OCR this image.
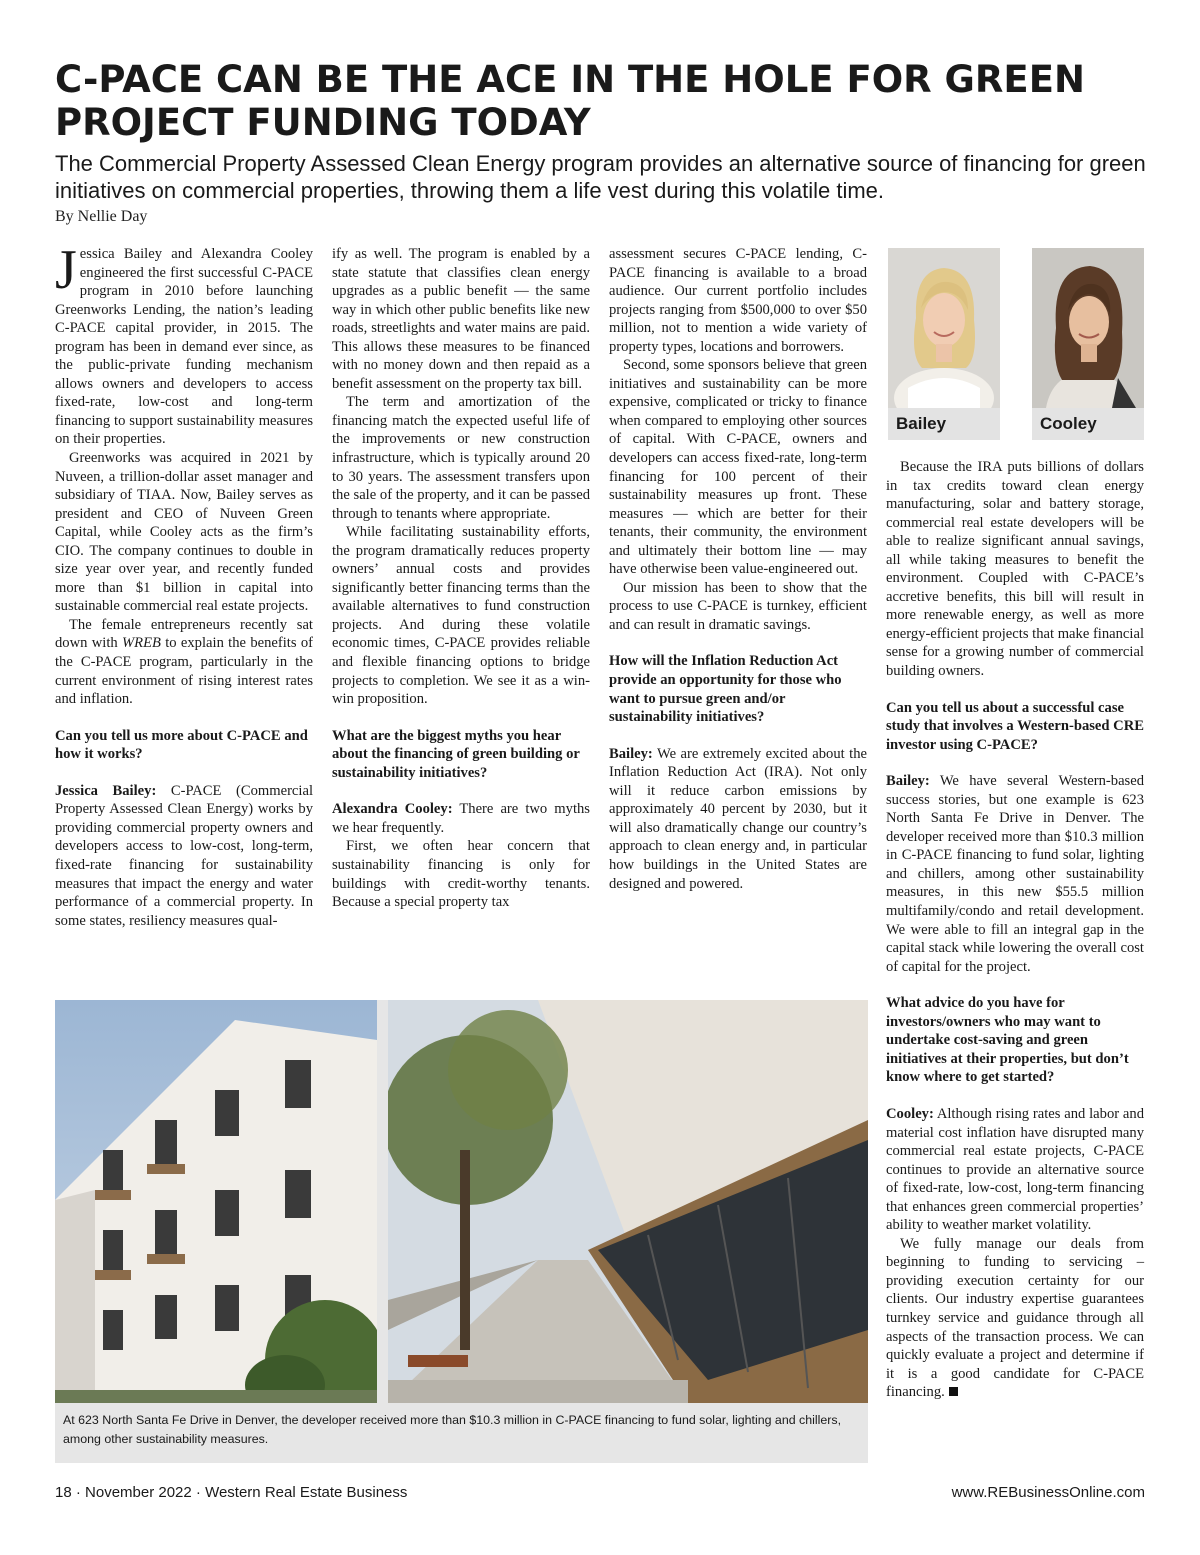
C-PACE CAN BE THE ACE IN THE HOLE FOR GREEN PROJECT FUNDING TODAY

The Commercial Property Assessed Clean Energy program provides an alternative source of financing for green initiatives on commercial properties, throwing them a life vest during this volatile time.

By Nellie Day

Jessica Bailey and Alexandra Cooley engineered the first successful C-PACE program in 2010 before launching Greenworks Lending, the nation’s leading C-PACE capital provider, in 2015. The program has been in demand ever since, as the public-private funding mechanism allows owners and developers to access fixed-rate, low-cost and long-term financing to support sustainability measures on their properties.

Greenworks was acquired in 2021 by Nuveen, a trillion-dollar asset manager and subsidiary of TIAA. Now, Bailey serves as president and CEO of Nuveen Green Capital, while Cooley acts as the firm’s CIO. The company continues to double in size year over year, and recently funded more than $1 billion in capital into sustainable commercial real estate projects.

The female entrepreneurs recently sat down with WREB to explain the benefits of the C-PACE program, particularly in the current environment of rising interest rates and inflation.

Can you tell us more about C-PACE and how it works?

Jessica Bailey: C-PACE (Commercial Property Assessed Clean Energy) works by providing commercial property owners and developers access to low-cost, long-term, fixed-rate financing for sustainability measures that impact the energy and water performance of a commercial property. In some states, resiliency measures qual-

ify as well. The program is enabled by a state statute that classifies clean energy upgrades as a public benefit — the same way in which other public benefits like new roads, streetlights and water mains are paid. This allows these measures to be financed with no money down and then repaid as a benefit assessment on the property tax bill.

The term and amortization of the financing match the expected useful life of the improvements or new construction infrastructure, which is typically around 20 to 30 years. The assessment transfers upon the sale of the property, and it can be passed through to tenants where appropriate.

While facilitating sustainability efforts, the program dramatically reduces property owners’ annual costs and provides significantly better financing terms than the available alternatives to fund construction projects. And during these volatile economic times, C-PACE provides reliable and flexible financing options to bridge projects to completion. We see it as a win-win proposition.

What are the biggest myths you hear about the financing of green building or sustainability initiatives?

Alexandra Cooley: There are two myths we hear frequently.

First, we often hear concern that sustainability financing is only for buildings with credit-worthy tenants. Because a special property tax

assessment secures C-PACE lending, C-PACE financing is available to a broad audience. Our current portfolio includes projects ranging from $500,000 to over $50 million, not to mention a wide variety of property types, locations and borrowers.

Second, some sponsors believe that green initiatives and sustainability can be more expensive, complicated or tricky to finance when compared to employing other sources of capital. With C-PACE, owners and developers can access fixed-rate, long-term financing for 100 percent of their sustainability measures up front. These measures — which are better for their tenants, their community, the environment and ultimately their bottom line — may have otherwise been value-engineered out.

Our mission has been to show that the process to use C-PACE is turnkey, efficient and can result in dramatic savings.

How will the Inflation Reduction Act provide an opportunity for those who want to pursue green and/or sustainability initiatives?

Bailey: We are extremely excited about the Inflation Reduction Act (IRA). Not only will it reduce carbon emissions by approximately 40 percent by 2030, but it will also dramatically change our country’s approach to clean energy and, in particular how buildings in the United States are designed and powered.

Bailey	Cooley

Because the IRA puts billions of dollars in tax credits toward clean energy manufacturing, solar and battery storage, commercial real estate developers will be able to realize significant annual savings, all while taking measures to benefit the environment. Coupled with C-PACE’s accretive benefits, this bill will result in more renewable energy, as well as more energy-efficient projects that make financial sense for a growing number of commercial building owners.

Can you tell us about a successful case study that involves a Western-based CRE investor using C-PACE?

Bailey: We have several Western-based success stories, but one example is 623 North Santa Fe Drive in Denver. The developer received more than $10.3 million in C-PACE financing to fund solar, lighting and chillers, among other sustainability measures, in this new $55.5 million multifamily/condo and retail development. We were able to fill an integral gap in the capital stack while lowering the overall cost of capital for the project.

What advice do you have for investors/owners who may want to undertake cost-saving and green initiatives at their properties, but don’t know where to get started?

Cooley: Although rising rates and labor and material cost inflation have disrupted many commercial real estate projects, C-PACE continues to provide an alternative source of fixed-rate, low-cost, long-term financing that enhances green commercial properties’ ability to weather market volatility.

We fully manage our deals from beginning to funding to servicing – providing execution certainty for our clients. Our industry expertise guarantees turnkey service and guidance through all aspects of the transaction process. We can quickly evaluate a project and determine if it is a good candidate for C-PACE financing.

At 623 North Santa Fe Drive in Denver, the developer received more than $10.3 million in C-PACE financing to fund solar, lighting and chillers, among other sustainability measures.

18 · November 2022 · Western Real Estate Business	www.REBusinessOnline.com
